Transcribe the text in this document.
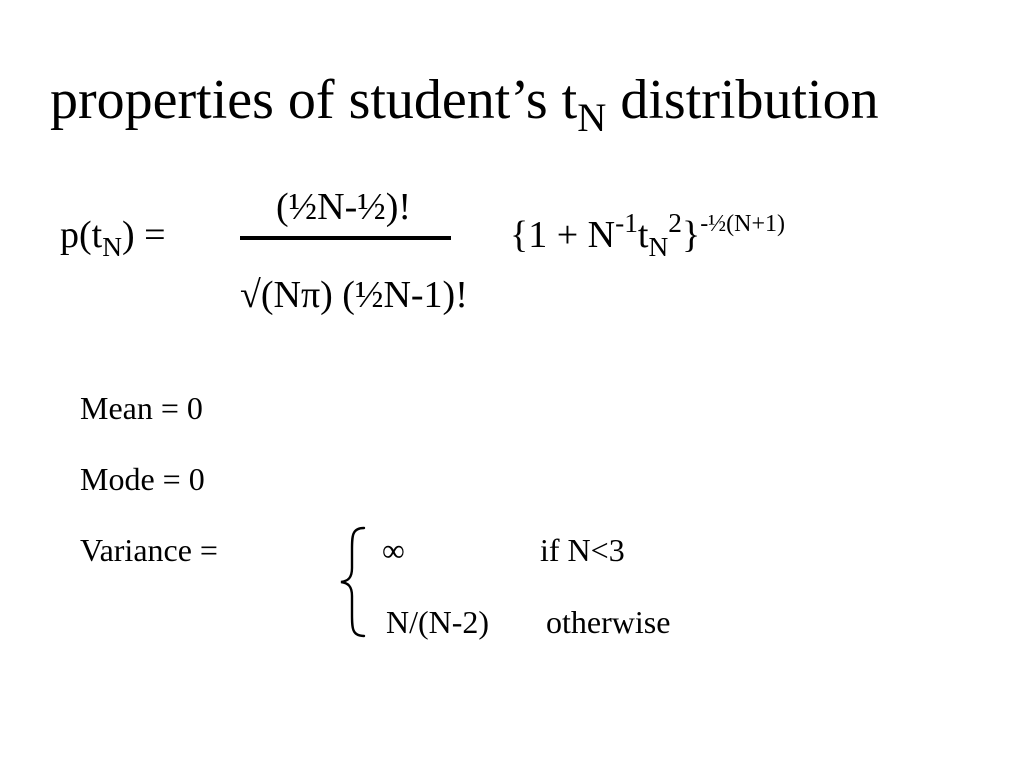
properties of student’s $t_N$ distribution
$p(t_N)$ =
(½N-½)!
√(Nπ) (½N-1)!
$\{1 + N^{-1}t_N^2\}^{-\frac{1}{2}(N+1)}$
Mean = 0
Mode = 0
Variance =	∞	if N<3
N/(N-2) otherwise
